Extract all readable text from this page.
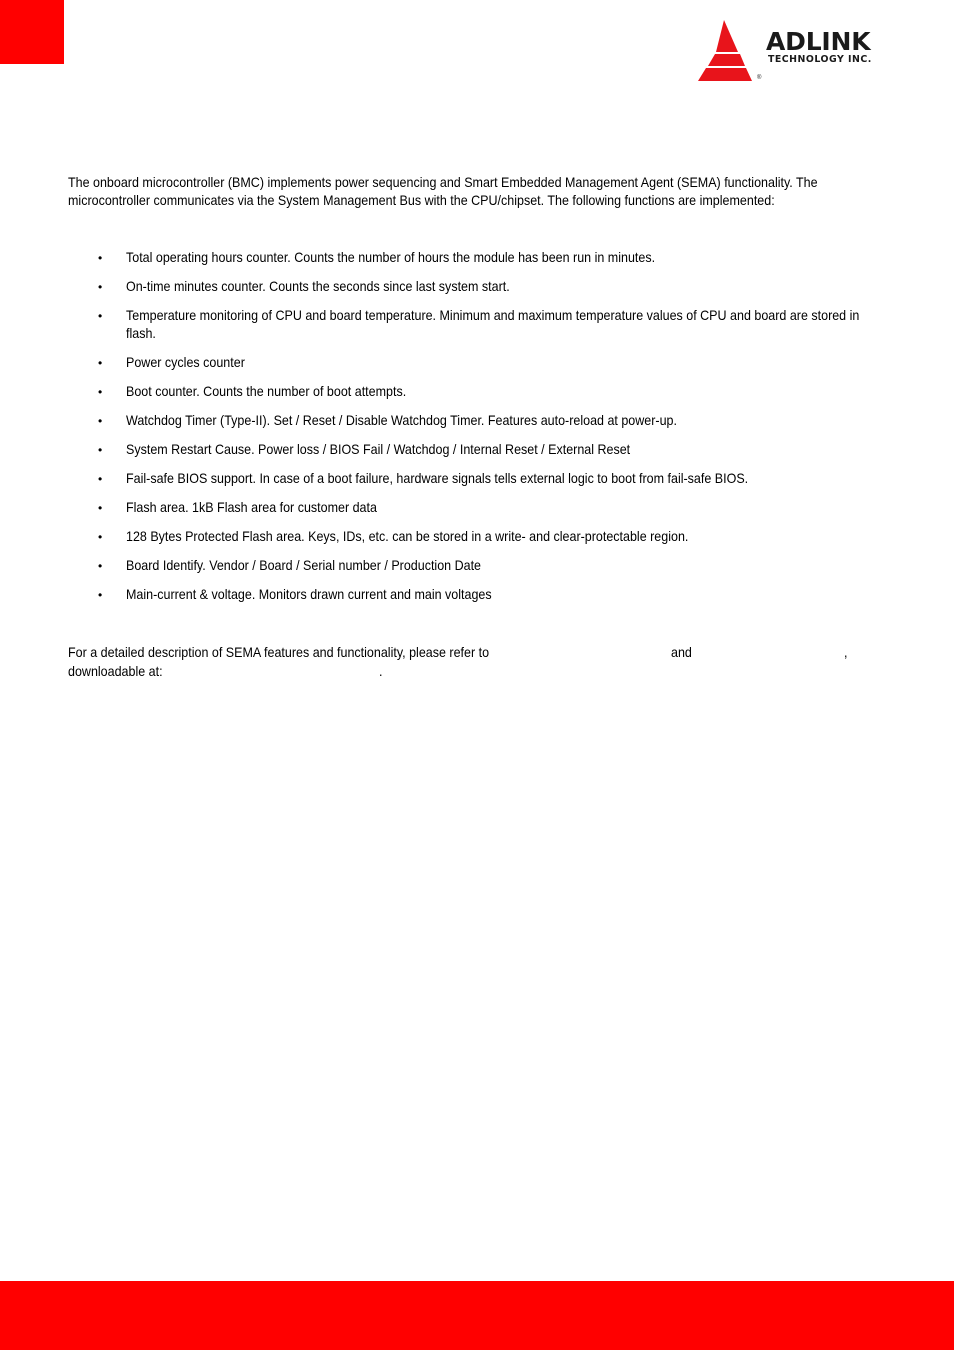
ADLINK
TECHNOLOGY INC.
®

The onboard microcontroller (BMC) implements power sequencing and Smart Embedded Management Agent (SEMA) functionality. The microcontroller communicates via the System Management Bus with the CPU/chipset. The following functions are implemented:

• Total operating hours counter. Counts the number of hours the module has been run in minutes.
• On-time minutes counter. Counts the seconds since last system start.
• Temperature monitoring of CPU and board temperature. Minimum and maximum temperature values of CPU and board are stored in flash.
• Power cycles counter
• Boot counter. Counts the number of boot attempts.
• Watchdog Timer (Type-II). Set / Reset / Disable Watchdog Timer. Features auto-reload at power-up.
• System Restart Cause. Power loss / BIOS Fail / Watchdog / Internal Reset / External Reset
• Fail-safe BIOS support. In case of a boot failure, hardware signals tells external logic to boot from fail-safe BIOS.
• Flash area. 1kB Flash area for customer data
• 128 Bytes Protected Flash area. Keys, IDs, etc. can be stored in a write- and clear-protectable region.
• Board Identify. Vendor / Board / Serial number / Production Date
• Main-current & voltage. Monitors drawn current and main voltages
For a detailed description of SEMA features and functionality, please refer to	and	,
downloadable at:	.
